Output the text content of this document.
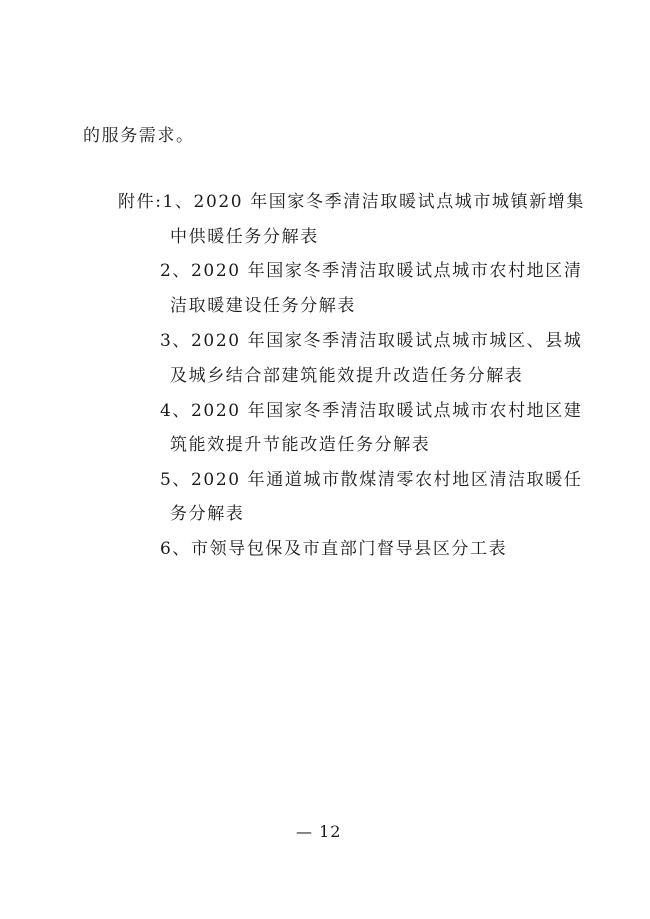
的服务需求。
附件:1、2020 年国家冬季清洁取暖试点城市城镇新增集
中供暖任务分解表
2、2020 年国家冬季清洁取暖试点城市农村地区清
洁取暖建设任务分解表
3、2020 年国家冬季清洁取暖试点城市城区、县城
及城乡结合部建筑能效提升改造任务分解表
4、2020 年国家冬季清洁取暖试点城市农村地区建
筑能效提升节能改造任务分解表
5、2020 年通道城市散煤清零农村地区清洁取暖任
务分解表
6、市领导包保及市直部门督导县区分工表
— 12
